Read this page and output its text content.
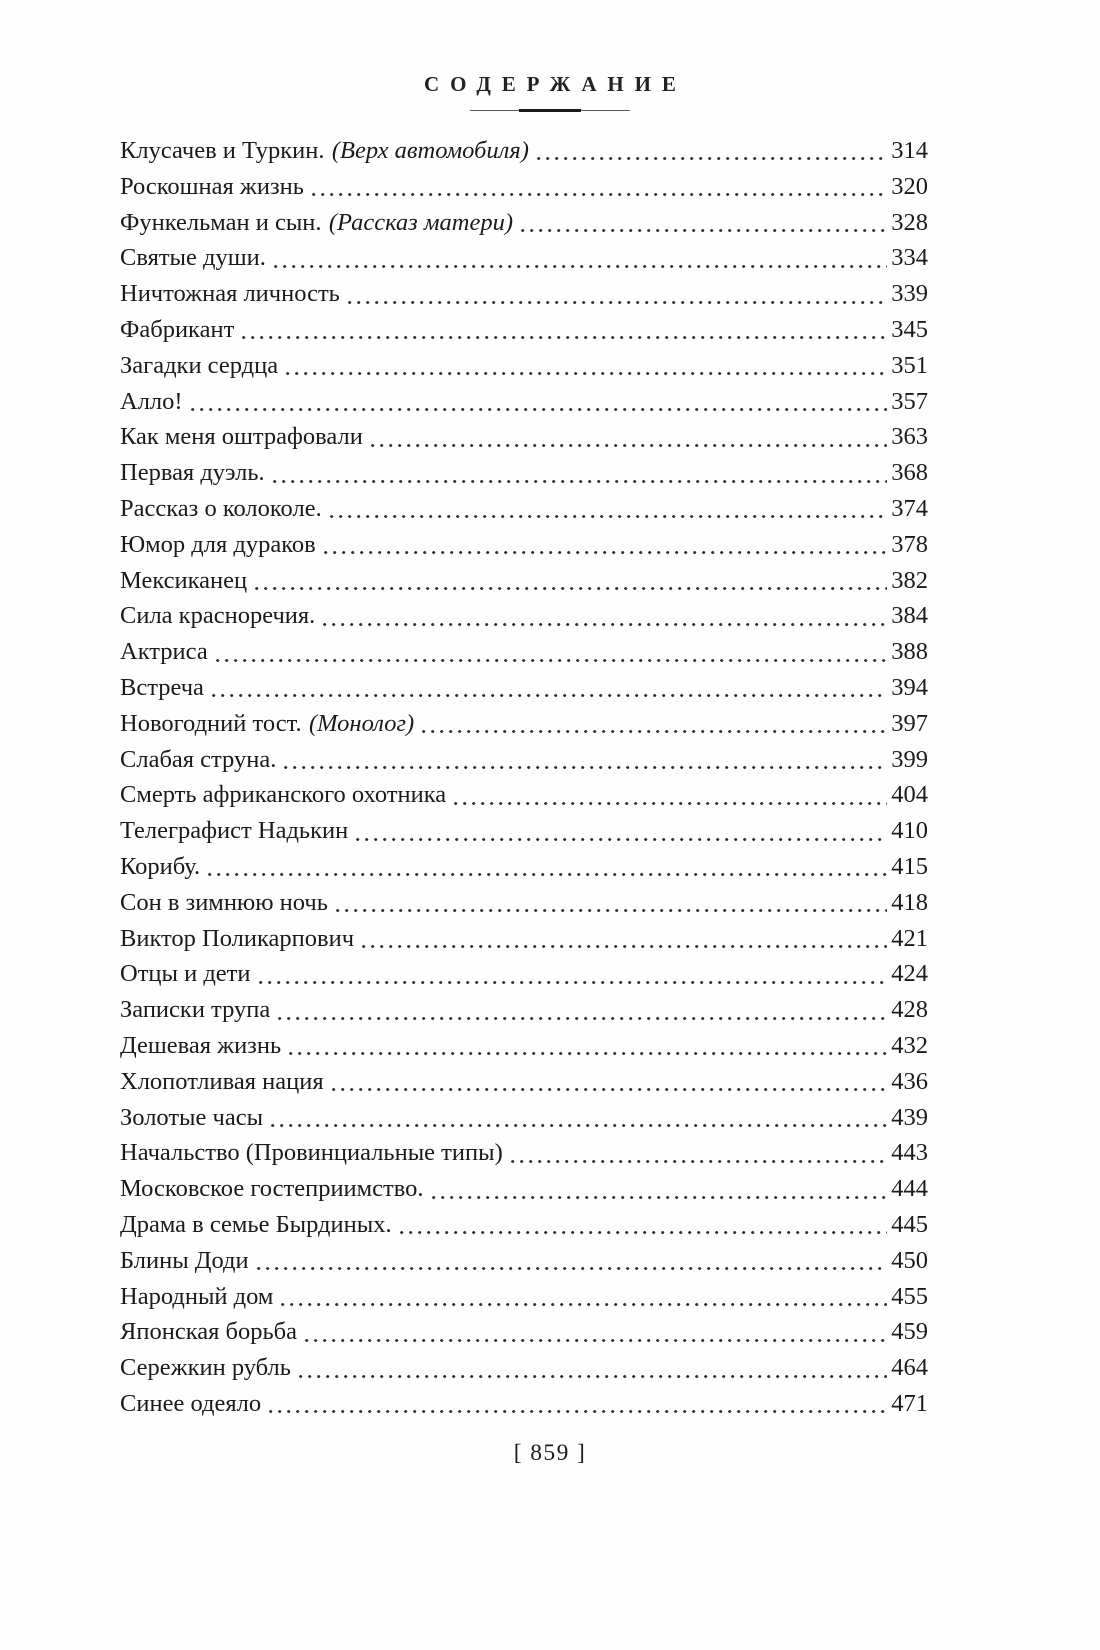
СОДЕРЖАНИЕ
Клусачев и Туркин. (Верх автомобиля)	314
Роскошная жизнь	320
Функельман и сын. (Рассказ матери)	328
Святые души.	334
Ничтожная личность	339
Фабрикант	345
Загадки сердца	351
Алло!	357
Как меня оштрафовали	363
Первая дуэль.	368
Рассказ о колоколе.	374
Юмор для дураков	378
Мексиканец	382
Сила красноречия.	384
Актриса	388
Встреча	394
Новогодний тост. (Монолог)	397
Слабая струна.	399
Смерть африканского охотника	404
Телеграфист Надькин	410
Корибу.	415
Сон в зимнюю ночь	418
Виктор Поликарпович	421
Отцы и дети	424
Записки трупа	428
Дешевая жизнь	432
Хлопотливая нация	436
Золотые часы	439
Начальство (Провинциальные типы)	443
Московское гостеприимство.	444
Драма в семье Бырдиных.	445
Блины Доди	450
Народный дом	455
Японская борьба	459
Сережкин рубль	464
Синее одеяло	471
[ 859 ]
